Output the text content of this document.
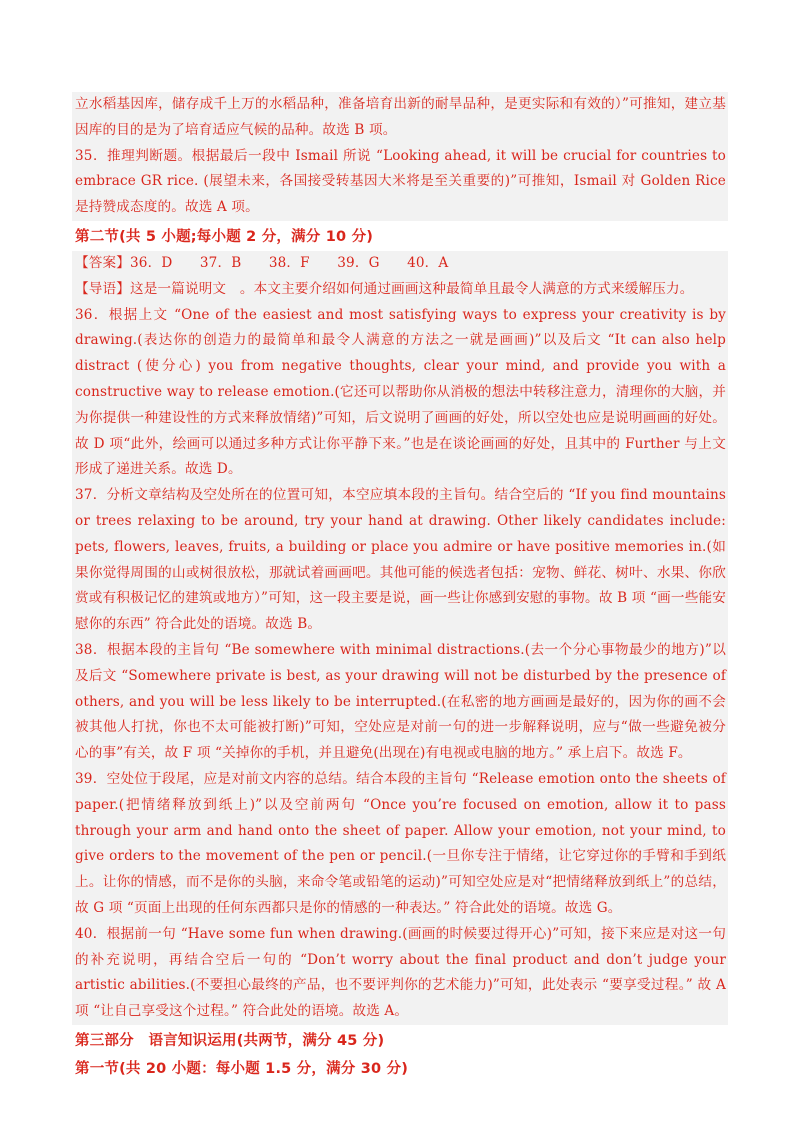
立水稻基因库，储存成千上万的水稻品种，准备培育出新的耐旱品种，是更实际和有效的）”可推知，建立基因库的目的是为了培育适应气候的品种。故选 B 项。

35．推理判断题。根据最后一段中 Ismail 所说 “Looking ahead, it will be crucial for countries to embrace GR rice. (展望未来，各国接受转基因大米将是至关重要的)”可推知，Ismail 对 Golden Rice 是持赞成态度的。故选 A 项。

第二节(共 5 小题;每小题 2 分，满分 10 分)

【答案】36．D　　37．B　　38．F　　39．G　　40．A

【导语】这是一篇说明文　。本文主要介绍如何通过画画这种最简单且最令人满意的方式来缓解压力。

36．根据上文 “One of the easiest and most satisfying ways to express your creativity is by drawing.(表达你的创造力的最简单和最令人满意的方法之一就是画画)”以及后文 “It can also help distract (使分心) you from negative thoughts, clear your mind, and provide you with a constructive way to release emotion.(它还可以帮助你从消极的想法中转移注意力，清理你的大脑，并为你提供一种建设性的方式来释放情绪)”可知，后文说明了画画的好处，所以空处也应是说明画画的好处。故 D 项“此外，绘画可以通过多种方式让你平静下来。”也是在谈论画画的好处，且其中的 Further 与上文形成了递进关系。故选 D。

37．分析文章结构及空处所在的位置可知，本空应填本段的主旨句。结合空后的 “If you find mountains or trees relaxing to be around, try your hand at drawing. Other likely candidates include: pets, flowers, leaves, fruits, a building or place you admire or have positive memories in.(如果你觉得周围的山或树很放松，那就试着画画吧。其他可能的候选者包括：宠物、鲜花、树叶、水果、你欣赏或有积极记忆的建筑或地方）”可知，这一段主要是说，画一些让你感到安慰的事物。故 B 项 “画一些能安慰你的东西” 符合此处的语境。故选 B。

38．根据本段的主旨句 “Be somewhere with minimal distractions.(去一个分心事物最少的地方)”以及后文 “Somewhere private is best, as your drawing will not be disturbed by the presence of others, and you will be less likely to be interrupted.(在私密的地方画画是最好的，因为你的画不会被其他人打扰，你也不太可能被打断)”可知，空处应是对前一句的进一步解释说明，应与“做一些避免被分心的事”有关，故 F 项 “关掉你的手机，并且避免(出现在)有电视或电脑的地方。” 承上启下。故选 F。

39．空处位于段尾，应是对前文内容的总结。结合本段的主旨句 “Release emotion onto the sheets of paper.(把情绪释放到纸上)”以及空前两句 “Once you’re focused on emotion, allow it to pass through your arm and hand onto the sheet of paper. Allow your emotion, not your mind, to give orders to the movement of the pen or pencil.(一旦你专注于情绪，让它穿过你的手臂和手到纸上。让你的情感，而不是你的头脑，来命令笔或铅笔的运动)”可知空处应是对“把情绪释放到纸上”的总结，故 G 项 “页面上出现的任何东西都只是你的情感的一种表达。” 符合此处的语境。故选 G。

40．根据前一句 “Have some fun when drawing.(画画的时候要过得开心)”可知，接下来应是对这一句的补充说明，再结合空后一句的 “Don’t worry about the final product and don’t judge your artistic abilities.(不要担心最终的产品，也不要评判你的艺术能力)”可知，此处表示 “要享受过程。” 故 A 项 “让自己享受这个过程。” 符合此处的语境。故选 A。

第三部分　语言知识运用(共两节，满分 45 分)
第一节(共 20 小题：每小题 1.5 分，满分 30 分)
